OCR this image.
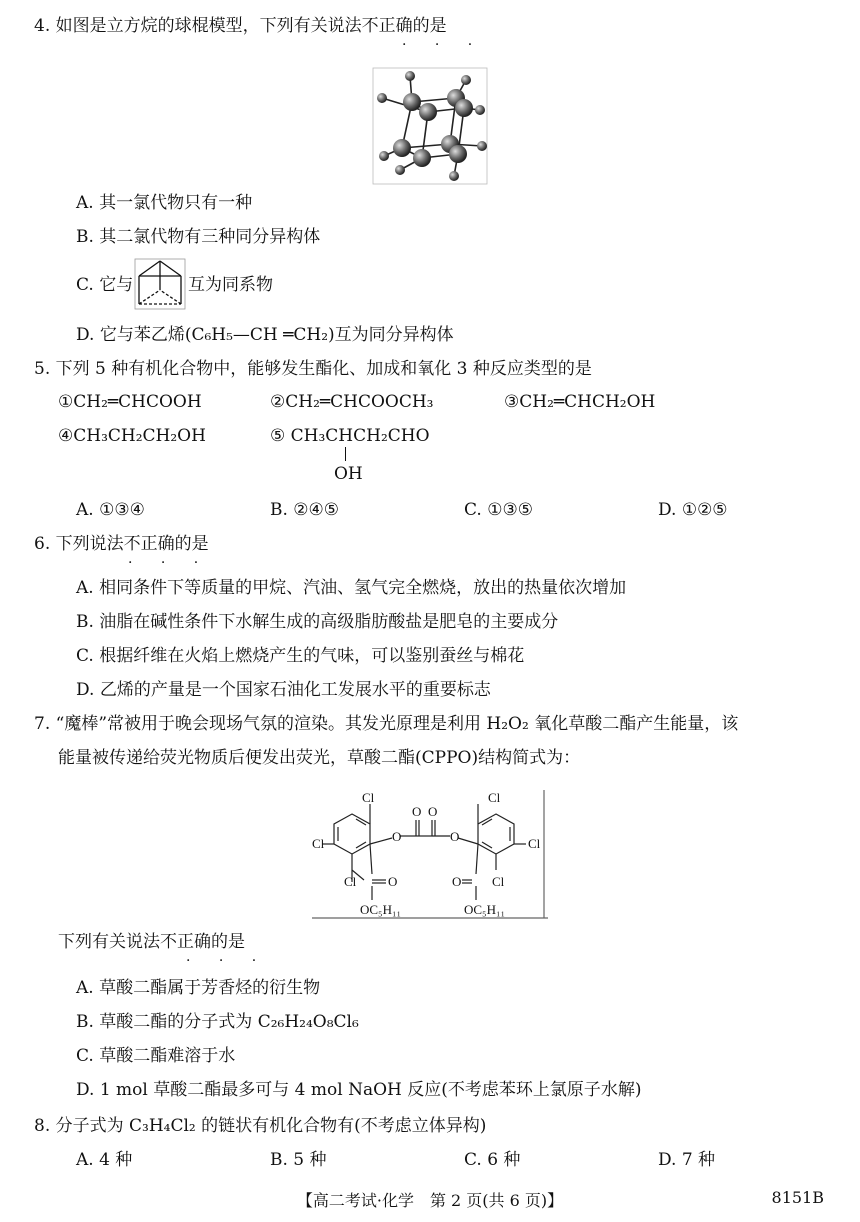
4. 如图是立方烷的球棍模型，下列有关说法不正确的是
· · ·
A. 其一氯代物只有一种
B. 其二氯代物有三种同分异构体
C. 它与	互为同系物
D. 它与苯乙烯(C₆H₅—CH ═CH₂)互为同分异构体
5. 下列 5 种有机化合物中，能够发生酯化、加成和氧化 3 种反应类型的是
①CH₂═CHCOOH	②CH₂═CHCOOCH₃	③CH₂═CHCH₂OH
④CH₃CH₂CH₂OH	⑤ CH₃CHCH₂CHO
OH
A. ①③④	B. ②④⑤	C. ①③⑤	D. ①②⑤
6. 下列说法不正确的是
· · ·
A. 相同条件下等质量的甲烷、汽油、氢气完全燃烧，放出的热量依次增加
B. 油脂在碱性条件下水解生成的高级脂肪酸盐是肥皂的主要成分
C. 根据纤维在火焰上燃烧产生的气味，可以鉴别蚕丝与棉花
D. 乙烯的产量是一个国家石油化工发展水平的重要标志
7. “魔棒”常被用于晚会现场气氛的渲染。其发光原理是利用 H₂O₂ 氧化草酸二酯产生能量，该
能量被传递给荧光物质后便发出荧光，草酸二酯(CPPO)结构简式为：
Cl
Cl	O
O O
O
Cl
Cl
Cl O
OC₅H₁₁
O Cl
OC₅H₁₁
下列有关说法不正确的是
· · ·
A. 草酸二酯属于芳香烃的衍生物
B. 草酸二酯的分子式为 C₂₆H₂₄O₈Cl₆
C. 草酸二酯难溶于水
D. 1 mol 草酸二酯最多可与 4 mol NaOH 反应(不考虑苯环上氯原子水解)
8. 分子式为 C₃H₄Cl₂ 的链状有机化合物有(不考虑立体异构)
A. 4 种	B. 5 种	C. 6 种	D. 7 种
【高二考试·化学　第 2 页(共 6 页)】	8151B
